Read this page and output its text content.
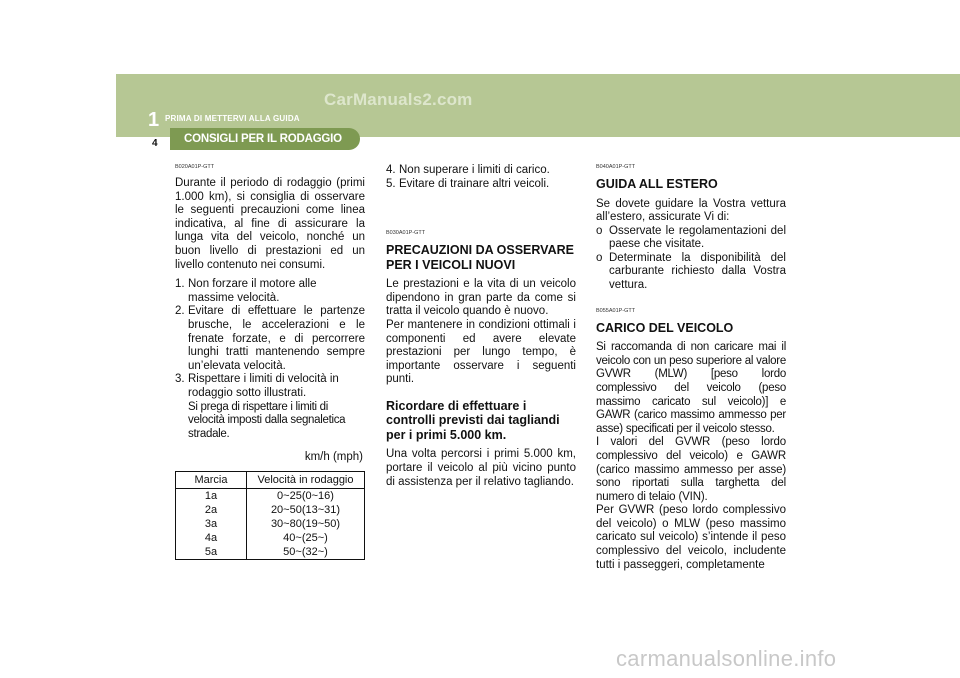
CarManuals2.com
1 PRIMA DI METTERVI ALLA GUIDA
4	CONSIGLI PER IL RODAGGIO
B020A01P-GTT

Durante il periodo di rodaggio (primi 1.000 km), si consiglia di osservare le seguenti precauzioni come linea indicativa, al fine di assicurare la lunga vita del veicolo, nonché un buon livello di prestazioni ed un livello contenuto nei consumi.

1. Non forzare il motore alle massime velocità.
2. Evitare di effettuare le partenze brusche, le accelerazioni e le frenate forzate, e di percorrere lunghi tratti mantenendo sempre un’elevata velocità.
3. Rispettare i limiti di velocità in rodaggio sotto illustrati.
Si prega di rispettare i limiti di velocità imposti dalla segnaletica stradale.
km/h (mph)
Marcia	Velocità in rodaggio
1a	0~25(0~16)
2a	20~50(13~31)
3a	30~80(19~50)
4a	40~(25~)
5a	50~(32~)
4. Non superare i limiti di carico.
5. Evitare di trainare altri veicoli.
B030A01P-GTT
PRECAUZIONI DA OSSERVARE PER I VEICOLI NUOVI

Le prestazioni e la vita di un veicolo dipendono in gran parte da come si tratta il veicolo quando è nuovo.

Per mantenere in condizioni ottimali i componenti ed avere elevate prestazioni per lungo tempo, è importante osservare i seguenti punti.

Ricordare di effettuare i controlli previsti dai tagliandi per i primi 5.000 km.

Una volta percorsi i primi 5.000 km, portare il veicolo al più vicino punto di assistenza per il relativo tagliando.

B040A01P-GTT
GUIDA ALL ESTERO

Se dovete guidare la Vostra vettura all’estero, assicurate Vi di:

o Osservate le regolamentazioni del paese che visitate.
o Determinate la disponibilità del carburante richiesto dalla Vostra vettura.
B055A01P-GTT
CARICO DEL VEICOLO

Si raccomanda di non caricare mai il veicolo con un peso superiore al valore GVWR (MLW) [peso lordo complessivo del veicolo (peso massimo caricato sul veicolo)] e GAWR (carico massimo ammesso per asse) specificati per il veicolo stesso.

I valori del GVWR (peso lordo complessivo del veicolo) e GAWR (carico massimo ammesso per asse) sono riportati sulla targhetta del numero di telaio (VIN).

Per GVWR (peso lordo complessivo del veicolo) o MLW (peso massimo caricato sul veicolo) s’intende il peso complessivo del veicolo, includente tutti i passeggeri, completamente

carmanualsonline.info
